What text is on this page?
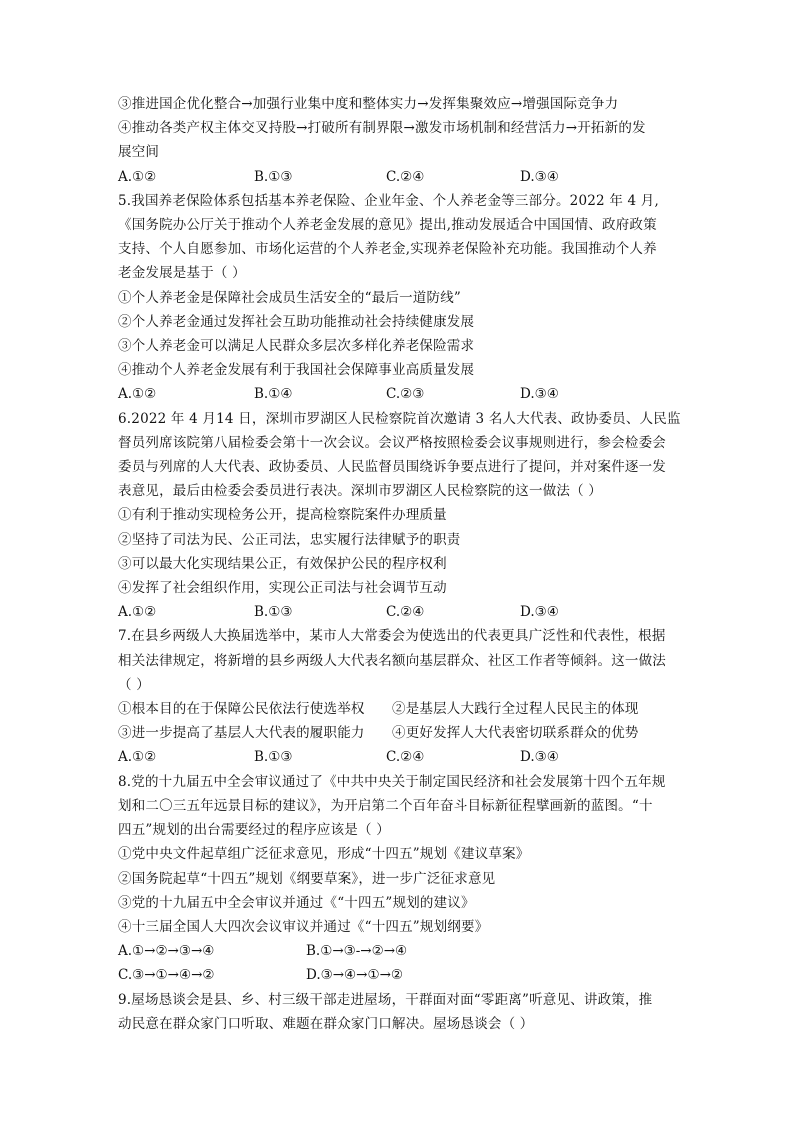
③推进国企优化整合→加强行业集中度和整体实力→发挥集聚效应→增强国际竞争力
④推动各类产权主体交叉持股→打破所有制界限→激发市场机制和经营活力→开拓新的发
展空间
A.①②	B.①③	C.②④	D.③④
5.我国养老保险体系包括基本养老保险、企业年金、个人养老金等三部分。2022 年 4 月,
《国务院办公厅关于推动个人养老金发展的意见》提出,推动发展适合中国国情、政府政策
支持、个人自愿参加、市场化运营的个人养老金,实现养老保险补充功能。我国推动个人养
老金发展是基于（ ）
①个人养老金是保障社会成员生活安全的“最后一道防线”
②个人养老金通过发挥社会互助功能推动社会持续健康发展
③个人养老金可以满足人民群众多层次多样化养老保险需求
④推动个人养老金发展有利于我国社会保障事业高质量发展
A.①②	B.①④	C.②③	D.③④
6.2022 年 4 月14 日，深圳市罗湖区人民检察院首次邀请 3 名人大代表、政协委员、人民监
督员列席该院第八届检委会第十一次会议。会议严格按照检委会议事规则进行，参会检委会
委员与列席的人大代表、政协委员、人民监督员围绕诉争要点进行了提问，并对案件逐一发
表意见，最后由检委会委员进行表决。深圳市罗湖区人民检察院的这一做法（ ）
①有利于推动实现检务公开，提高检察院案件办理质量
②坚持了司法为民、公正司法，忠实履行法律赋予的职责
③可以最大化实现结果公正，有效保护公民的程序权利
④发挥了社会组织作用，实现公正司法与社会调节互动
A.①②	B.①③	C.②④	D.③④
7.在县乡两级人大换届选举中，某市人大常委会为使选出的代表更具广泛性和代表性，根据
相关法律规定，将新增的县乡两级人大代表名额向基层群众、社区工作者等倾斜。这一做法
（ ）
①根本目的在于保障公民依法行使选举权 ②是基层人大践行全过程人民民主的体现
③进一步提高了基层人大代表的履职能力 ④更好发挥人大代表密切联系群众的优势
A.①②	B.①③	C.②④	D.③④
8.党的十九届五中全会审议通过了《中共中央关于制定国民经济和社会发展第十四个五年规
划和二〇三五年远景目标的建议》，为开启第二个百年奋斗目标新征程擘画新的蓝图。“十
四五”规划的出台需要经过的程序应该是（ ）
①党中央文件起草组广泛征求意见，形成“十四五”规划《建议草案》
②国务院起草“十四五”规划《纲要草案》，进一步广泛征求意见
③党的十九届五中全会审议并通过《“十四五”规划的建议》
④十三届全国人大四次会议审议并通过《“十四五”规划纲要》
A.①→②→③→④	B.①→③-→②→④
C.③→①→④→②	D.③→④→①→②
9.屋场恳谈会是县、乡、村三级干部走进屋场，干群面对面“零距离”听意见、讲政策，推
动民意在群众家门口听取、难题在群众家门口解决。屋场恳谈会（ ）
